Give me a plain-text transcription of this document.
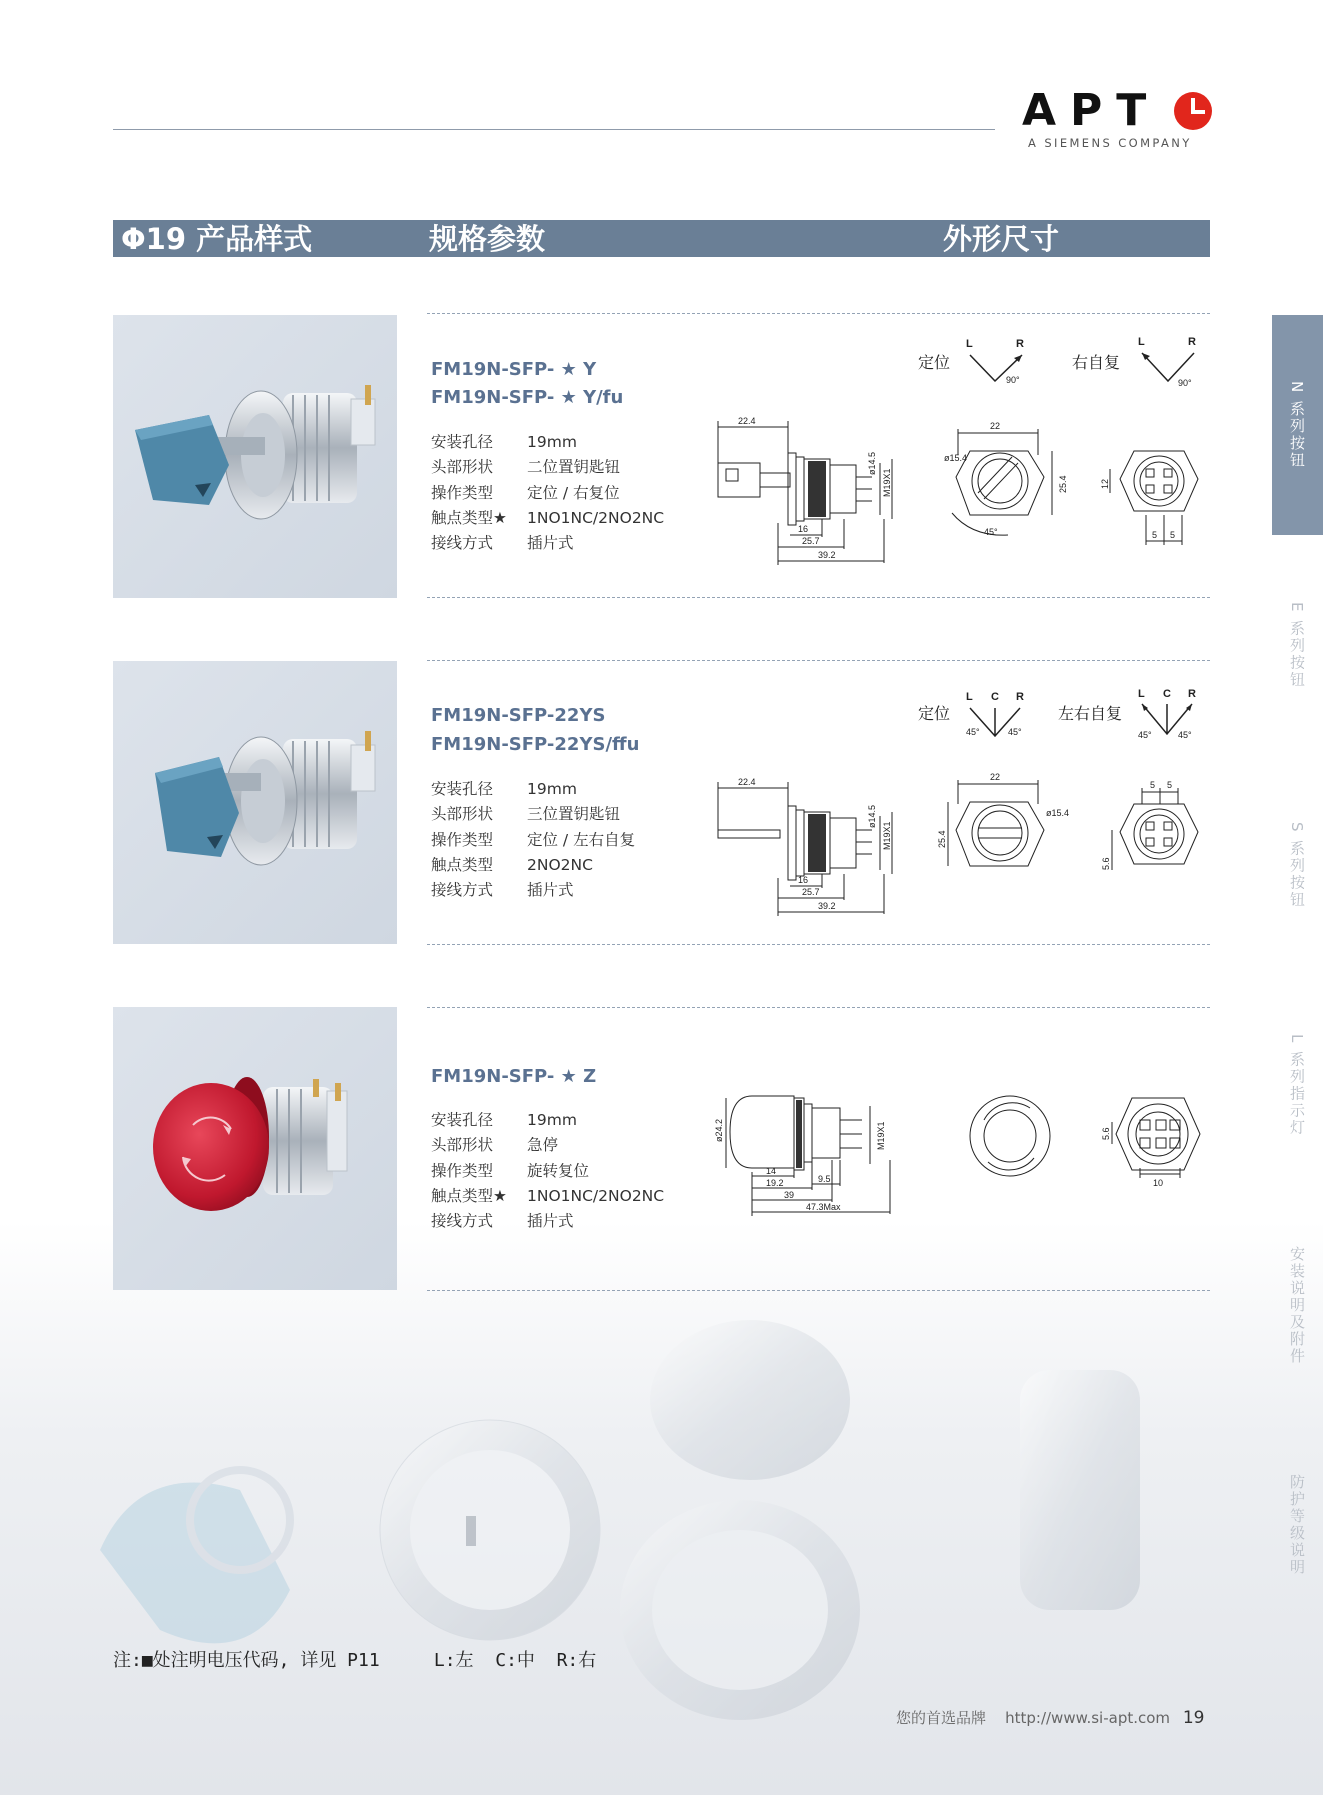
APT
A SIEMENS COMPANY
Φ19 产品样式	规格参数	外形尺寸
N 系列按钮
E 系列按钮
S 系列按钮
L 系列指示灯
安装说明及附件
防护等级说明
FM19N-SFP- ★ Y
FM19N-SFP- ★ Y/fu
安装孔径	19mm
头部形状	二位置钥匙钮
操作类型	定位 / 右复位
触点类型★	1NO1NC/2NO2NC
接线方式	插片式
定位
L	R
90°
右自复
L	R
90°
22.4
16
25.7
39.2
ø14.5
M19X1
22
ø15.4
25.4
45°
12
5 5
FM19N-SFP-22YS
FM19N-SFP-22YS/ffu
安装孔径	19mm
头部形状	三位置钥匙钮
操作类型	定位 / 左右自复
触点类型	2NO2NC
接线方式	插片式
定位
L C R
45°	45°
左右自复
L C R
45°	45°
22.4
16
25.7
39.2
ø14.5
M19X1
22
ø15.4
25.4
5 5
5.6
FM19N-SFP- ★ Z
安装孔径	19mm
头部形状	急停
操作类型	旋转复位
触点类型★	1NO1NC/2NO2NC
接线方式	插片式
ø24.2
14
19.2	9.5
39
47.3Max
M19X1	5.6
10
注:■处注明电压代码, 详见 P11     L:左  C:中  R:右
您的首选品牌 http://www.si-apt.com 19
